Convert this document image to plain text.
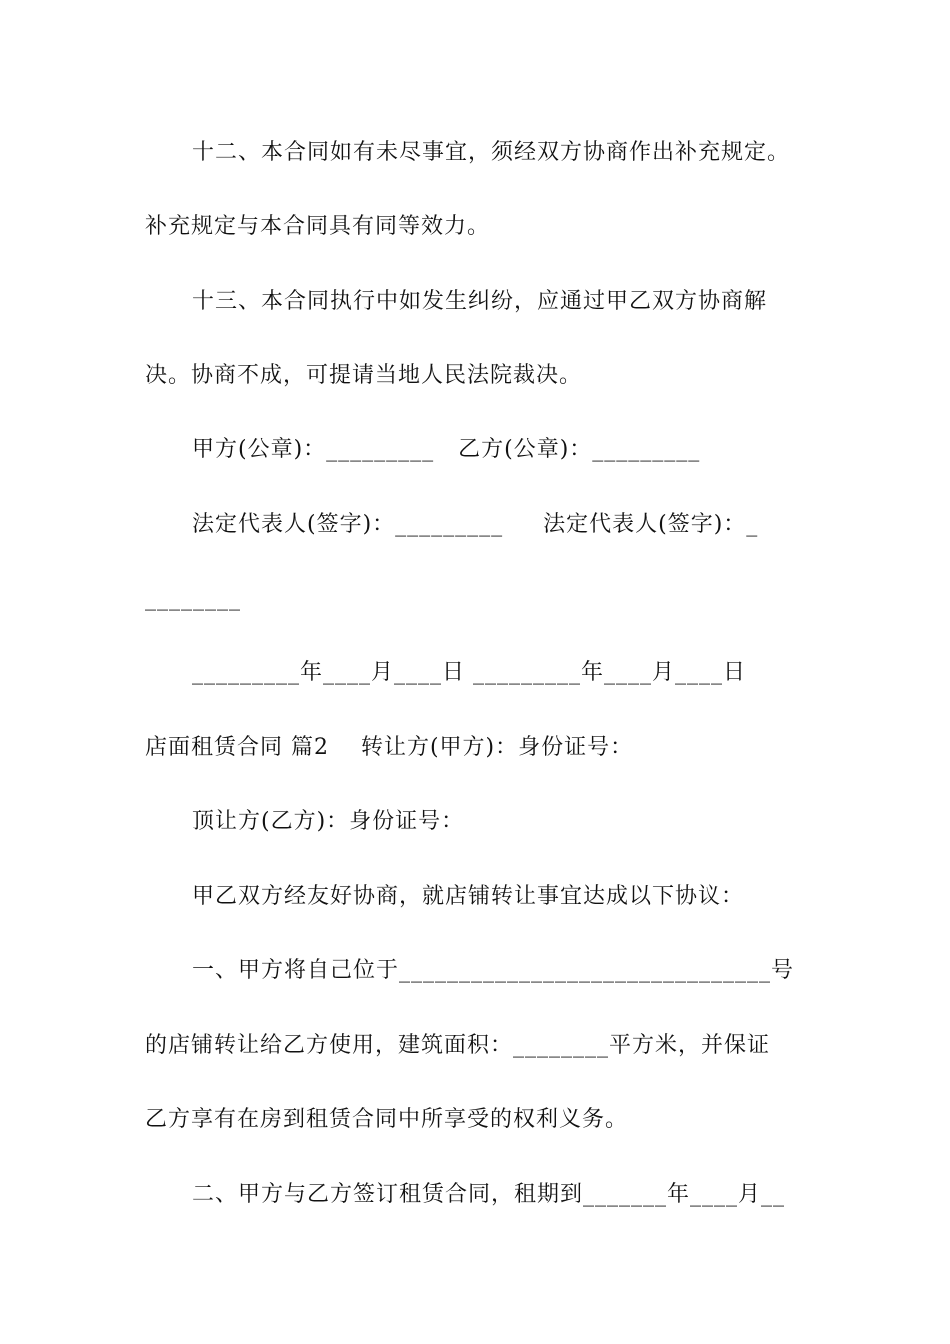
十二、本合同如有未尽事宜，须经双方协商作出补充规定。
补充规定与本合同具有同等效力。
十三、本合同执行中如发生纠纷，应通过甲乙双方协商解
决。协商不成，可提请当地人民法院裁决。
甲方(公章)：_________   乙方(公章)：_________
法定代表人(签字)：_________     法定代表人(签字)：_
________
_________年____月____日 _________年____月____日
店面租赁合同 篇2    转让方(甲方)：身份证号：
顶让方(乙方)：身份证号：
甲乙双方经友好协商，就店铺转让事宜达成以下协议：
一、甲方将自己位于_______________________________号
的店铺转让给乙方使用，建筑面积：________平方米，并保证
乙方享有在房到租赁合同中所享受的权利义务。
二、甲方与乙方签订租赁合同，租期到_______年____月__
